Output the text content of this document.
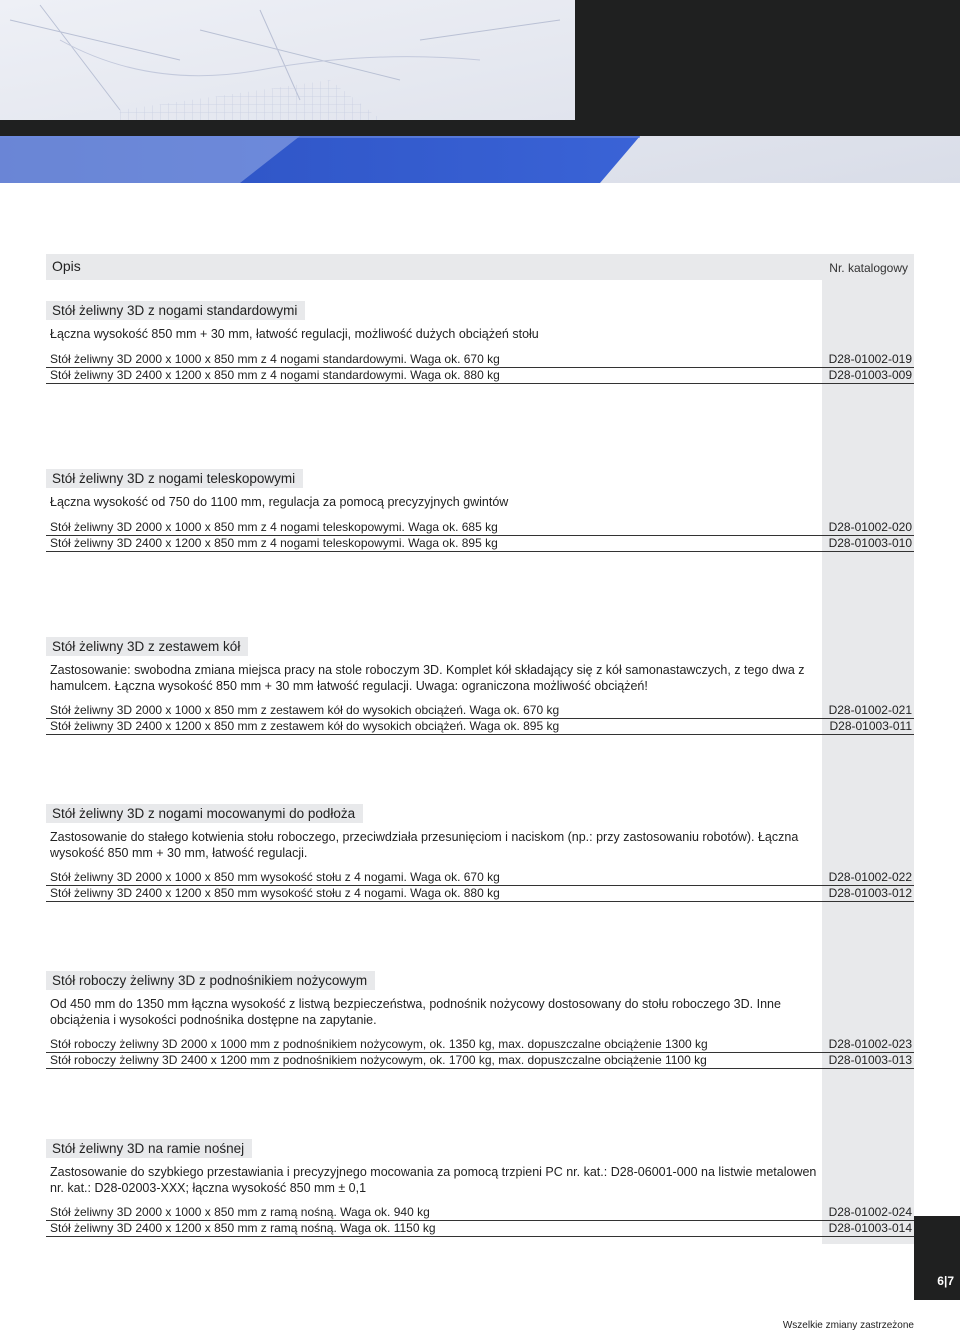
Opis	Nr. katalogowy
Stół żeliwny 3D z nogami standardowymi
Łączna wysokość 850 mm + 30 mm, łatwość regulacji, możliwość dużych obciążeń stołu
Stół żeliwny 3D 2000 x 1000 x 850 mm z 4 nogami standardowymi. Waga ok. 670 kg	D28-01002-019
Stół żeliwny 3D 2400 x 1200 x 850 mm z 4 nogami standardowymi. Waga ok. 880 kg	D28-01003-009
Stół żeliwny 3D z nogami teleskopowymi
Łączna wysokość od 750 do 1100 mm, regulacja za pomocą precyzyjnych gwintów
Stół żeliwny 3D 2000 x 1000 x 850 mm z 4 nogami teleskopowymi. Waga ok. 685 kg	D28-01002-020
Stół żeliwny 3D 2400 x 1200 x 850 mm z 4 nogami teleskopowymi. Waga ok. 895 kg	D28-01003-010
Stół żeliwny 3D z zestawem kół
Zastosowanie: swobodna zmiana miejsca pracy na stole roboczym 3D. Komplet kół składający się z kół samonastawczych, z tego dwa z hamulcem. Łączna wysokość 850 mm + 30 mm łatwość regulacji. Uwaga: ograniczona możliwość obciążeń!
Stół żeliwny 3D 2000 x 1000 x 850 mm z zestawem kół do wysokich obciążeń. Waga ok. 670 kg	D28-01002-021
Stół żeliwny 3D 2400 x 1200 x 850 mm z zestawem kół do wysokich obciążeń. Waga ok. 895 kg	D28-01003-011
Stół żeliwny 3D z nogami mocowanymi do podłoża
Zastosowanie do stałego kotwienia stołu roboczego, przeciwdziała przesunięciom i naciskom (np.: przy zastosowaniu robotów). Łączna wysokość 850 mm + 30 mm, łatwość regulacji.
Stół żeliwny 3D 2000 x 1000 x 850 mm wysokość stołu z 4 nogami. Waga ok. 670 kg	D28-01002-022
Stół żeliwny 3D 2400 x 1200 x 850 mm wysokość stołu z 4 nogami. Waga ok. 880 kg	D28-01003-012
Stół roboczy żeliwny 3D z podnośnikiem nożycowym
Od 450 mm do 1350 mm łączna wysokość z listwą bezpieczeństwa, podnośnik nożycowy dostosowany do stołu roboczego 3D. Inne obciążenia i wysokości podnośnika dostępne na zapytanie.
Stół roboczy żeliwny 3D 2000 x 1000 mm z podnośnikiem nożycowym, ok. 1350 kg, max. dopuszczalne obciążenie 1300 kg	D28-01002-023
Stół roboczy żeliwny 3D 2400 x 1200 mm z podnośnikiem nożycowym, ok. 1700 kg, max. dopuszczalne obciążenie 1100 kg	D28-01003-013
Stół żeliwny 3D na ramie nośnej
Zastosowanie do szybkiego przestawiania i precyzyjnego mocowania za pomocą trzpieni PC nr. kat.: D28-06001-000 na listwie metalowen nr. kat.: D28-02003-XXX; łączna wysokość 850 mm ± 0,1
Stół żeliwny 3D 2000 x 1000 x 850 mm z ramą nośną. Waga ok. 940 kg	D28-01002-024
Stół żeliwny 3D 2400 x 1200 x 850 mm z ramą nośną. Waga ok. 1150 kg	D28-01003-014
6|7
Wszelkie zmiany zastrzeżone
